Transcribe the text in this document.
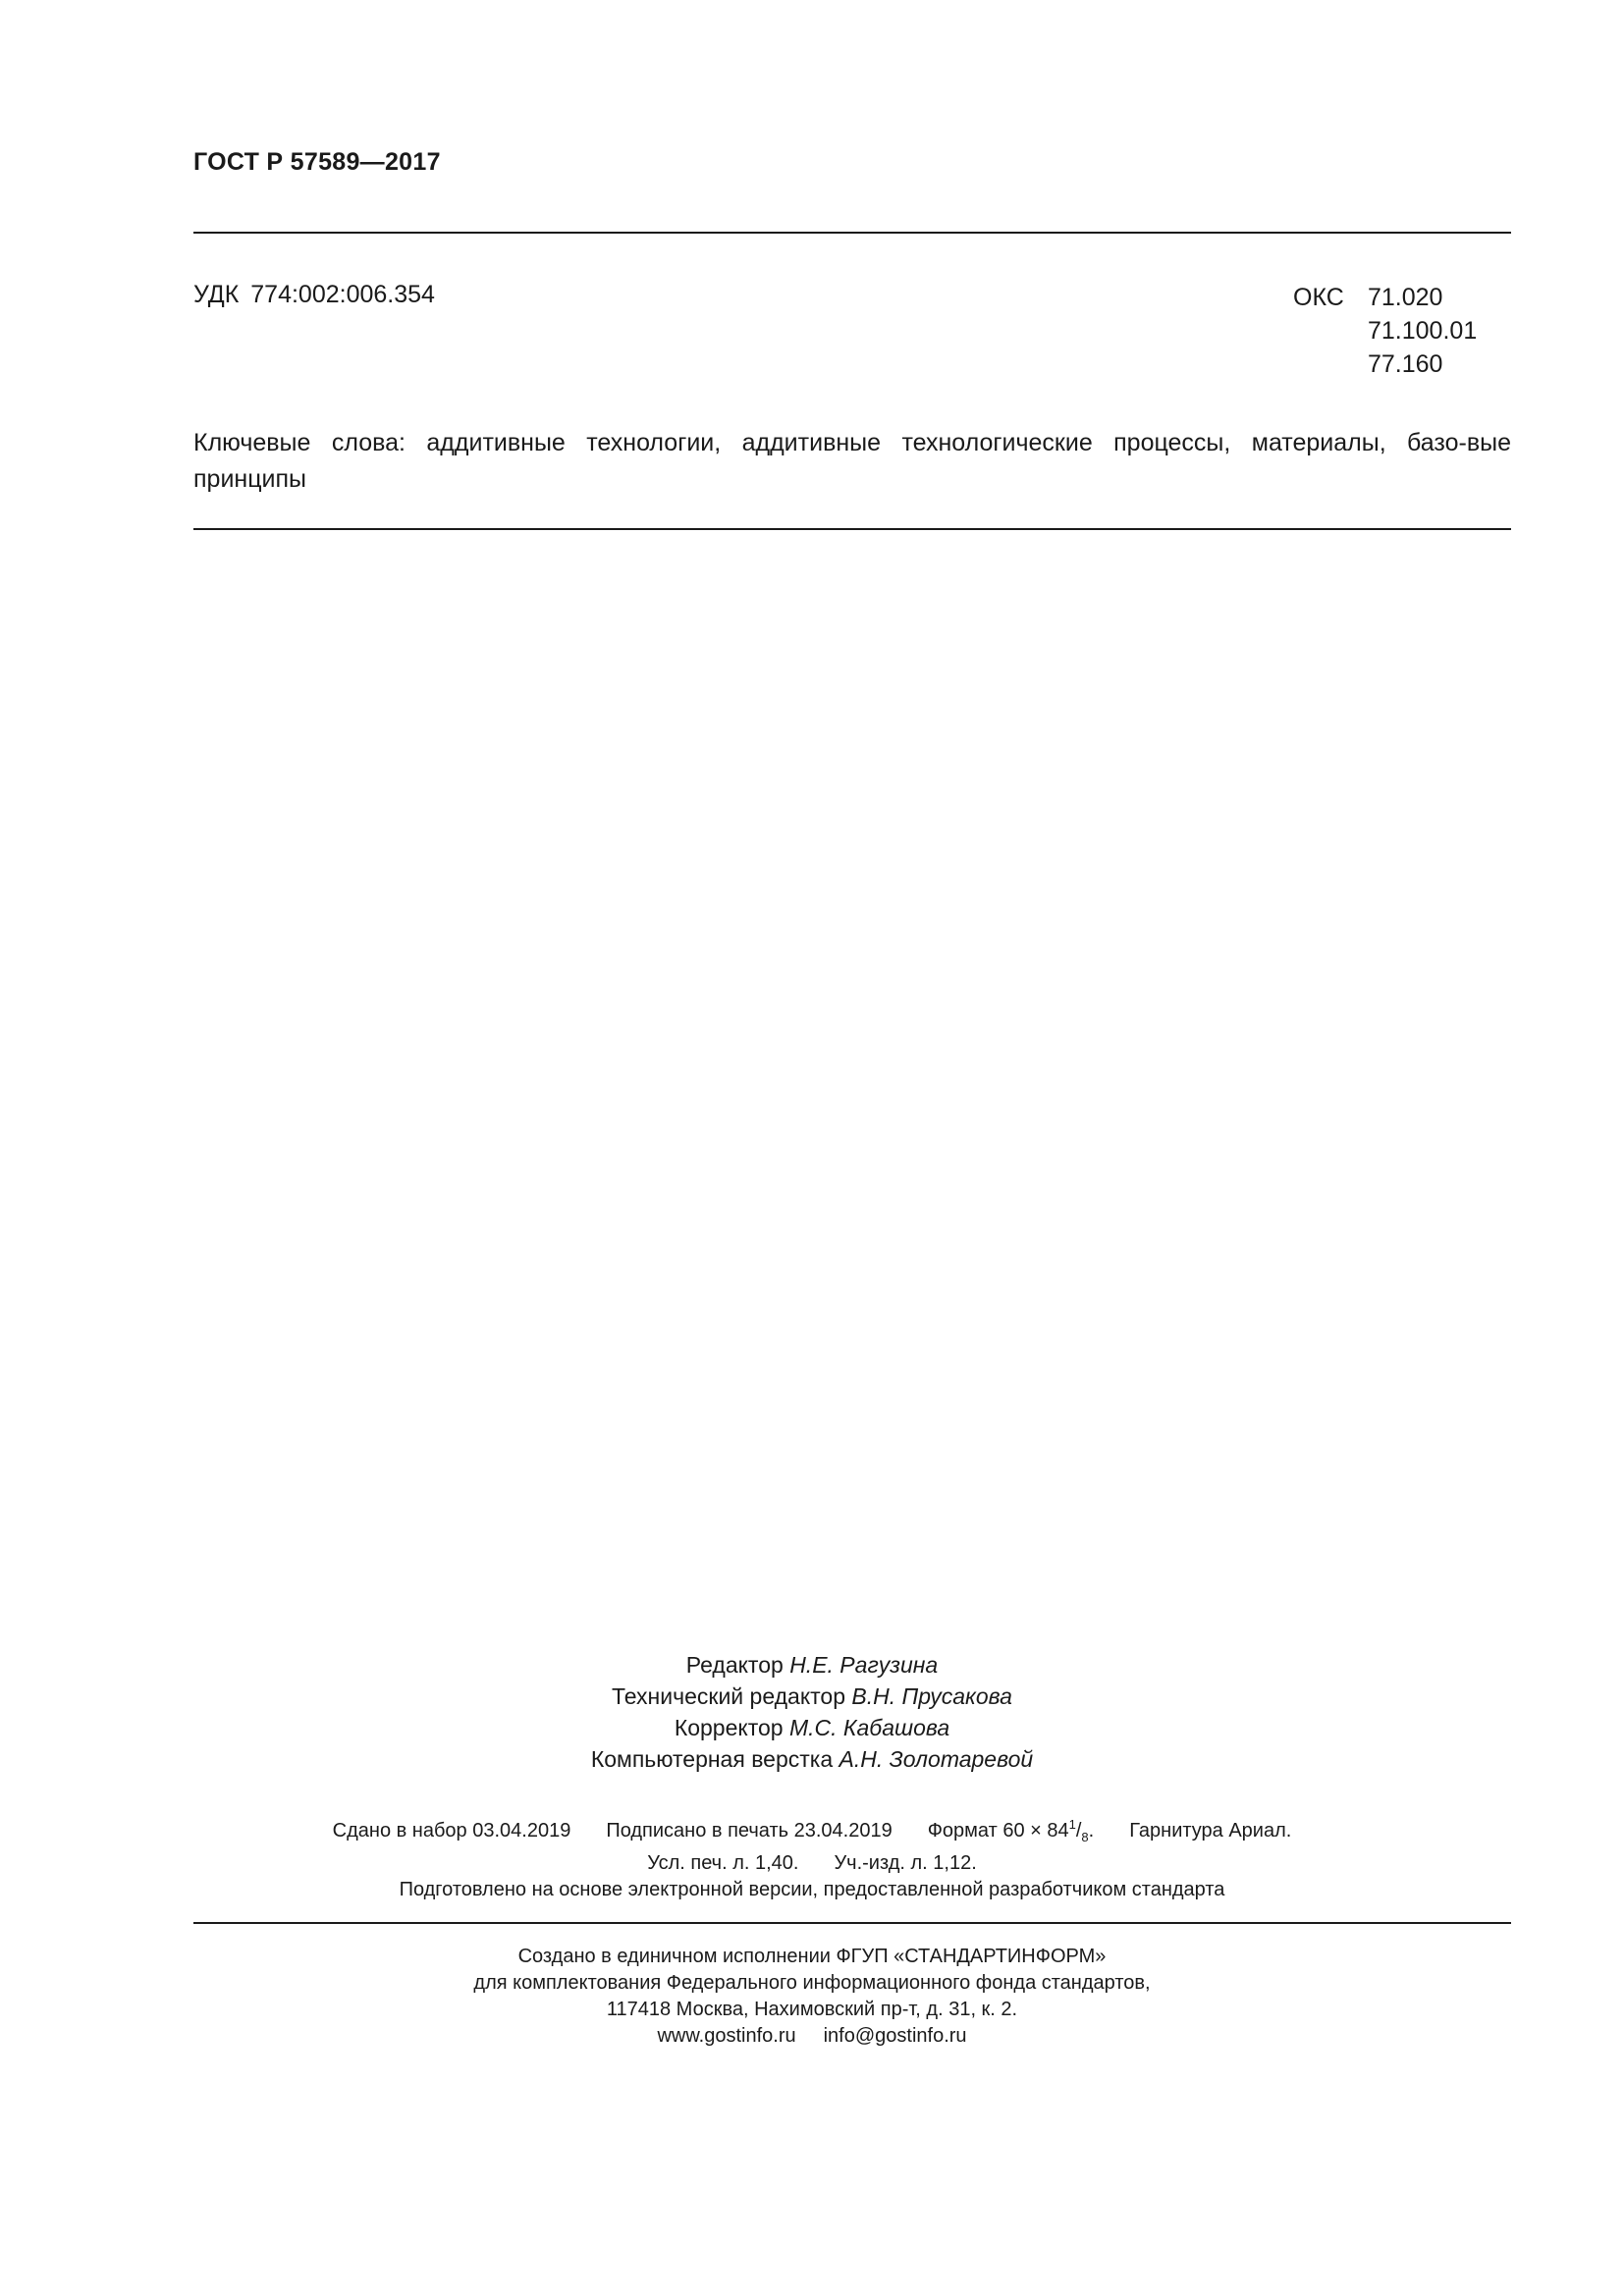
ГОСТ Р 57589—2017
УДК 774:002:006.354	ОКС 71.020
71.100.01
77.160
Ключевые слова: аддитивные технологии, аддитивные технологические процессы, материалы, базо-вые принципы
Редактор Н.Е. Рагузина
Технический редактор В.Н. Прусакова
Корректор М.С. Кабашова
Компьютерная верстка А.Н. Золотаревой
Сдано в набор 03.04.2019 Подписано в печать 23.04.2019 Формат $60 \times 84^1/_8$. Гарнитура Ариал.
Усл. печ. л. 1,40. Уч.-изд. л. 1,12.
Подготовлено на основе электронной версии, предоставленной разработчиком стандарта
Создано в единичном исполнении ФГУП «СТАНДАРТИНФОРМ»
для комплектования Федерального информационного фонда стандартов,
117418 Москва, Нахимовский пр-т, д. 31, к. 2.
www.gostinfo.ru info@gostinfo.ru
